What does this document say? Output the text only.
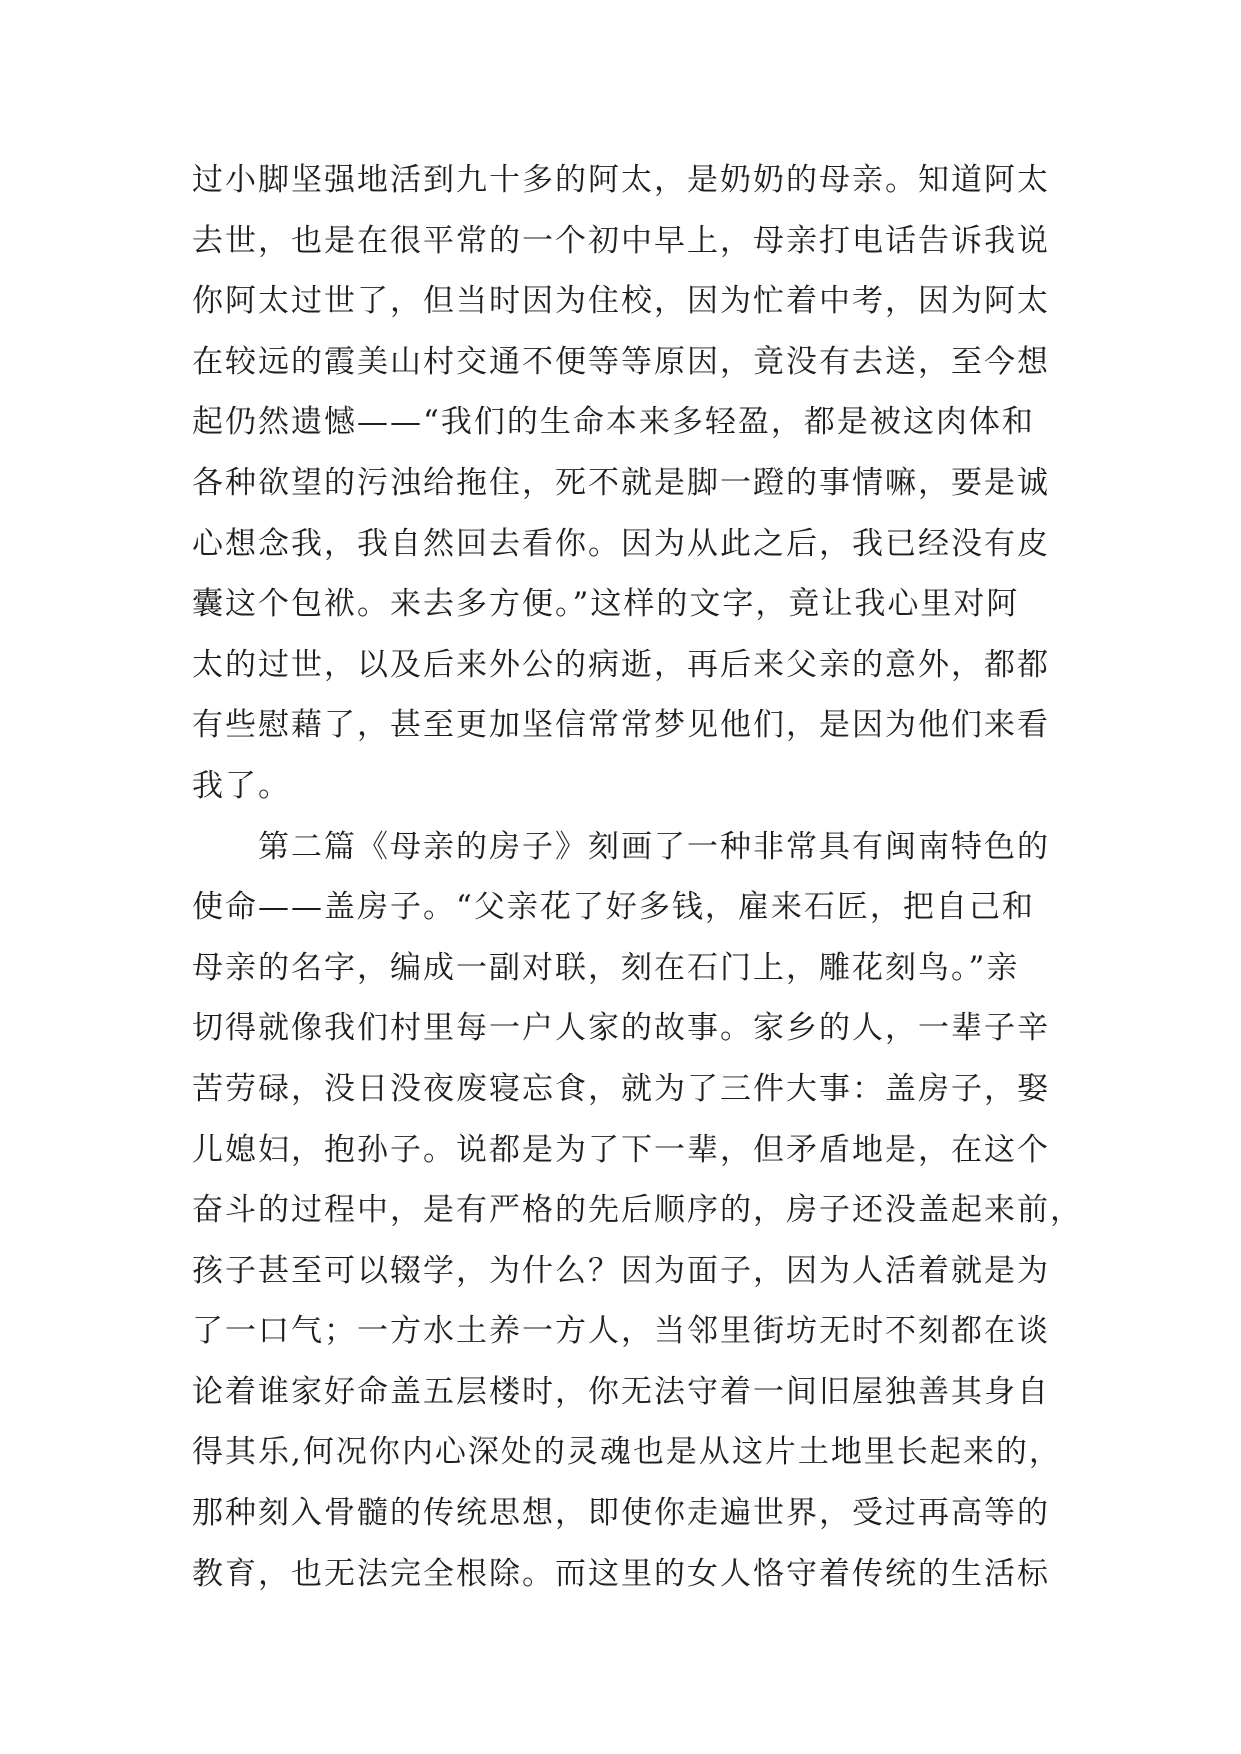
过小脚坚强地活到九十多的阿太，是奶奶的母亲。知道阿太
去世，也是在很平常的一个初中早上，母亲打电话告诉我说
你阿太过世了，但当时因为住校，因为忙着中考，因为阿太
在较远的霞美山村交通不便等等原因，竟没有去送，至今想
起仍然遗憾——“我们的生命本来多轻盈，都是被这肉体和
各种欲望的污浊给拖住，死不就是脚一蹬的事情嘛，要是诚
心想念我，我自然回去看你。因为从此之后，我已经没有皮
囊这个包袱。来去多方便。”这样的文字，竟让我心里对阿
太的过世，以及后来外公的病逝，再后来父亲的意外，都都
有些慰藉了，甚至更加坚信常常梦见他们，是因为他们来看
我了。
　　第二篇《母亲的房子》刻画了一种非常具有闽南特色的
使命——盖房子。“父亲花了好多钱，雇来石匠，把自己和
母亲的名字，编成一副对联，刻在石门上，雕花刻鸟。”亲
切得就像我们村里每一户人家的故事。家乡的人，一辈子辛
苦劳碌，没日没夜废寝忘食，就为了三件大事：盖房子，娶
儿媳妇，抱孙子。说都是为了下一辈，但矛盾地是，在这个
奋斗的过程中，是有严格的先后顺序的，房子还没盖起来前，
孩子甚至可以辍学，为什么？因为面子，因为人活着就是为
了一口气；一方水土养一方人，当邻里街坊无时不刻都在谈
论着谁家好命盖五层楼时，你无法守着一间旧屋独善其身自
得其乐,何况你内心深处的灵魂也是从这片土地里长起来的，
那种刻入骨髓的传统思想，即使你走遍世界，受过再高等的
教育，也无法完全根除。而这里的女人恪守着传统的生活标
